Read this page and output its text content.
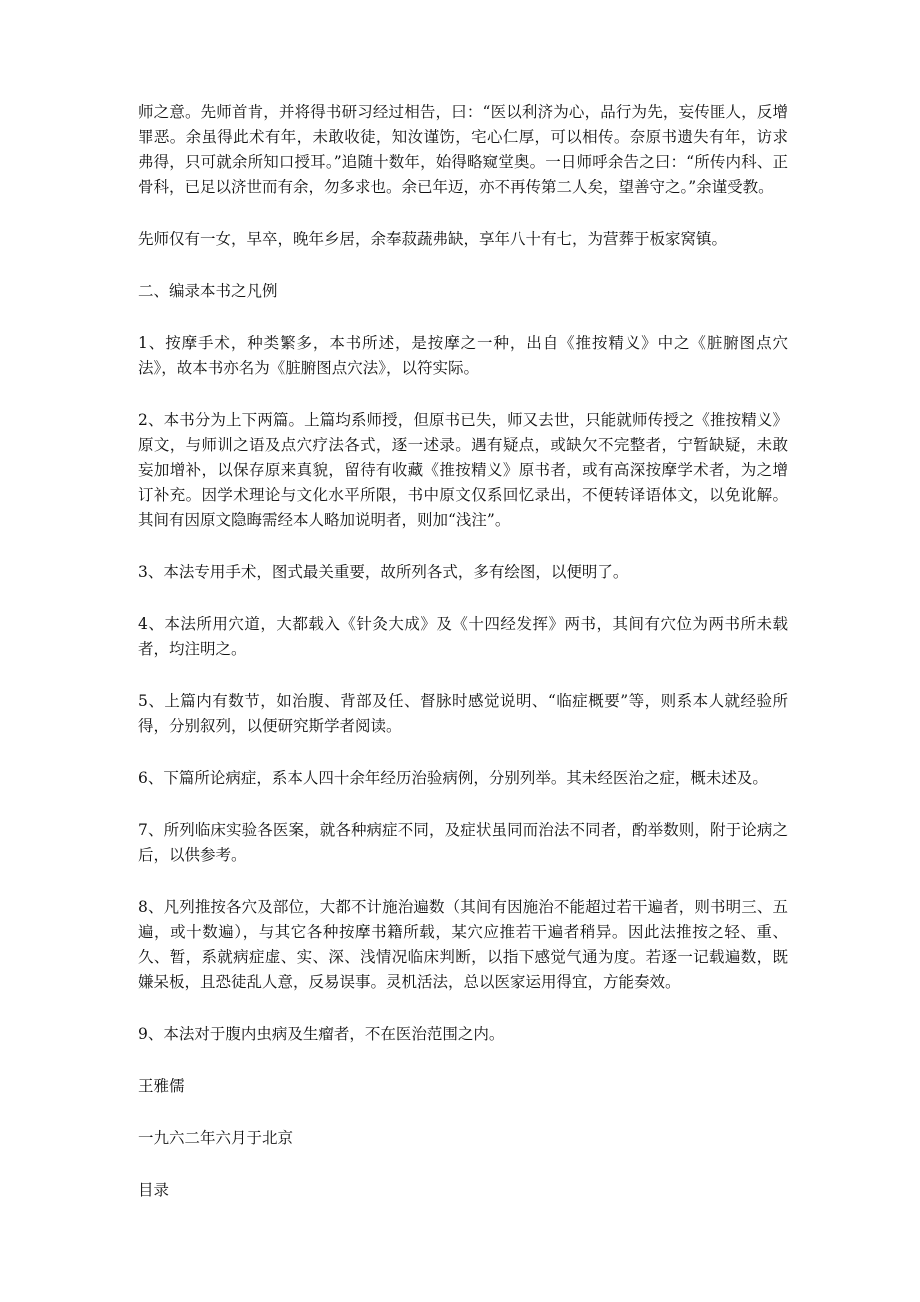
师之意。先师首肯，并将得书研习经过相告，曰：“医以利济为心，品行为先，妄传匪人，反增罪恶。余虽得此术有年，未敢收徒，知汝谨饬，宅心仁厚，可以相传。奈原书遗失有年，访求弗得，只可就余所知口授耳。”追随十数年，始得略窥堂奥。一日师呼余告之曰：“所传内科、正骨科，已足以济世而有余，勿多求也。余已年迈，亦不再传第二人矣，望善守之。”余谨受教。

先师仅有一女，早卒，晚年乡居，余奉菽蔬弗缺，享年八十有七，为营葬于板家窝镇。

二、编录本书之凡例

1、按摩手术，种类繁多，本书所述，是按摩之一种，出自《推按精义》中之《脏腑图点穴法》，故本书亦名为《脏腑图点穴法》，以符实际。

2、本书分为上下两篇。上篇均系师授，但原书已失，师又去世，只能就师传授之《推按精义》原文，与师训之语及点穴疗法各式，逐一述录。遇有疑点，或缺欠不完整者，宁暂缺疑，未敢妄加增补，以保存原来真貌，留待有收藏《推按精义》原书者，或有高深按摩学术者，为之增订补充。因学术理论与文化水平所限，书中原文仅系回忆录出，不便转译语体文，以免讹解。其间有因原文隐晦需经本人略加说明者，则加“浅注”。

3、本法专用手术，图式最关重要，故所列各式，多有绘图，以便明了。

4、本法所用穴道，大都载入《针灸大成》及《十四经发挥》两书，其间有穴位为两书所未载者，均注明之。

5、上篇内有数节，如治腹、背部及任、督脉时感觉说明、“临症概要”等，则系本人就经验所得，分别叙列，以便研究斯学者阅读。

6、下篇所论病症，系本人四十余年经历治验病例，分别列举。其未经医治之症，概未述及。

7、所列临床实验各医案，就各种病症不同，及症状虽同而治法不同者，酌举数则，附于论病之后，以供参考。

8、凡列推按各穴及部位，大都不计施治遍数（其间有因施治不能超过若干遍者，则书明三、五遍，或十数遍），与其它各种按摩书籍所载，某穴应推若干遍者稍异。因此法推按之轻、重、久、暂，系就病症虚、实、深、浅情况临床判断，以指下感觉气通为度。若逐一记载遍数，既嫌呆板，且恐徒乱人意，反易误事。灵机活法，总以医家运用得宜，方能奏效。

9、本法对于腹内虫病及生瘤者，不在医治范围之内。

王雅儒

一九六二年六月于北京

目录
